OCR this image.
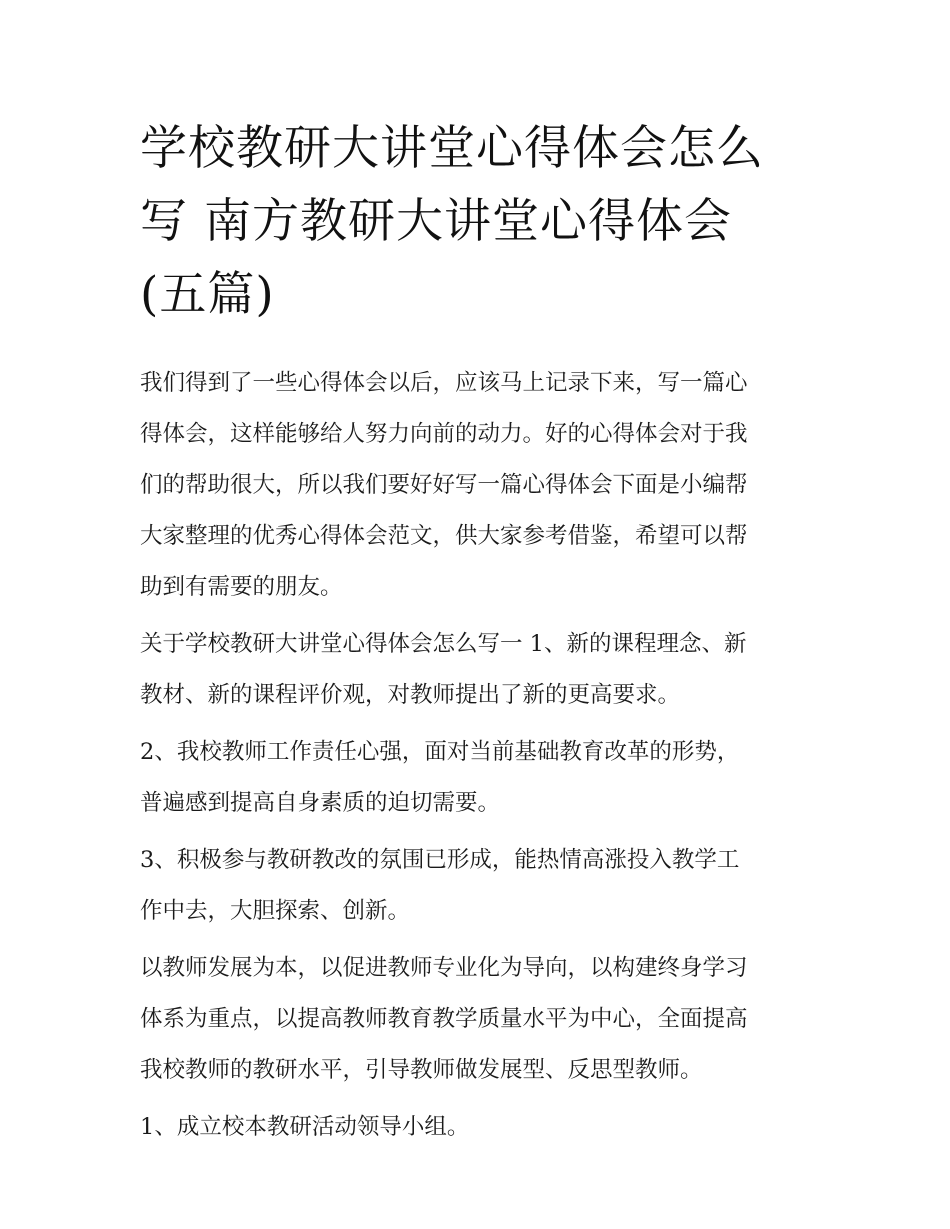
学校教研大讲堂心得体会怎么
写 南方教研大讲堂心得体会
(五篇)

我们得到了一些心得体会以后，应该马上记录下来，写一篇心
得体会，这样能够给人努力向前的动力。好的心得体会对于我
们的帮助很大，所以我们要好好写一篇心得体会下面是小编帮
大家整理的优秀心得体会范文，供大家参考借鉴，希望可以帮
助到有需要的朋友。

关于学校教研大讲堂心得体会怎么写一 1、新的课程理念、新
教材、新的课程评价观，对教师提出了新的更高要求。

2、我校教师工作责任心强，面对当前基础教育改革的形势，
普遍感到提高自身素质的迫切需要。

3、积极参与教研教改的氛围已形成，能热情高涨投入教学工
作中去，大胆探索、创新。

以教师发展为本，以促进教师专业化为导向，以构建终身学习
体系为重点，以提高教师教育教学质量水平为中心，全面提高
我校教师的教研水平，引导教师做发展型、反思型教师。

1、成立校本教研活动领导小组。
